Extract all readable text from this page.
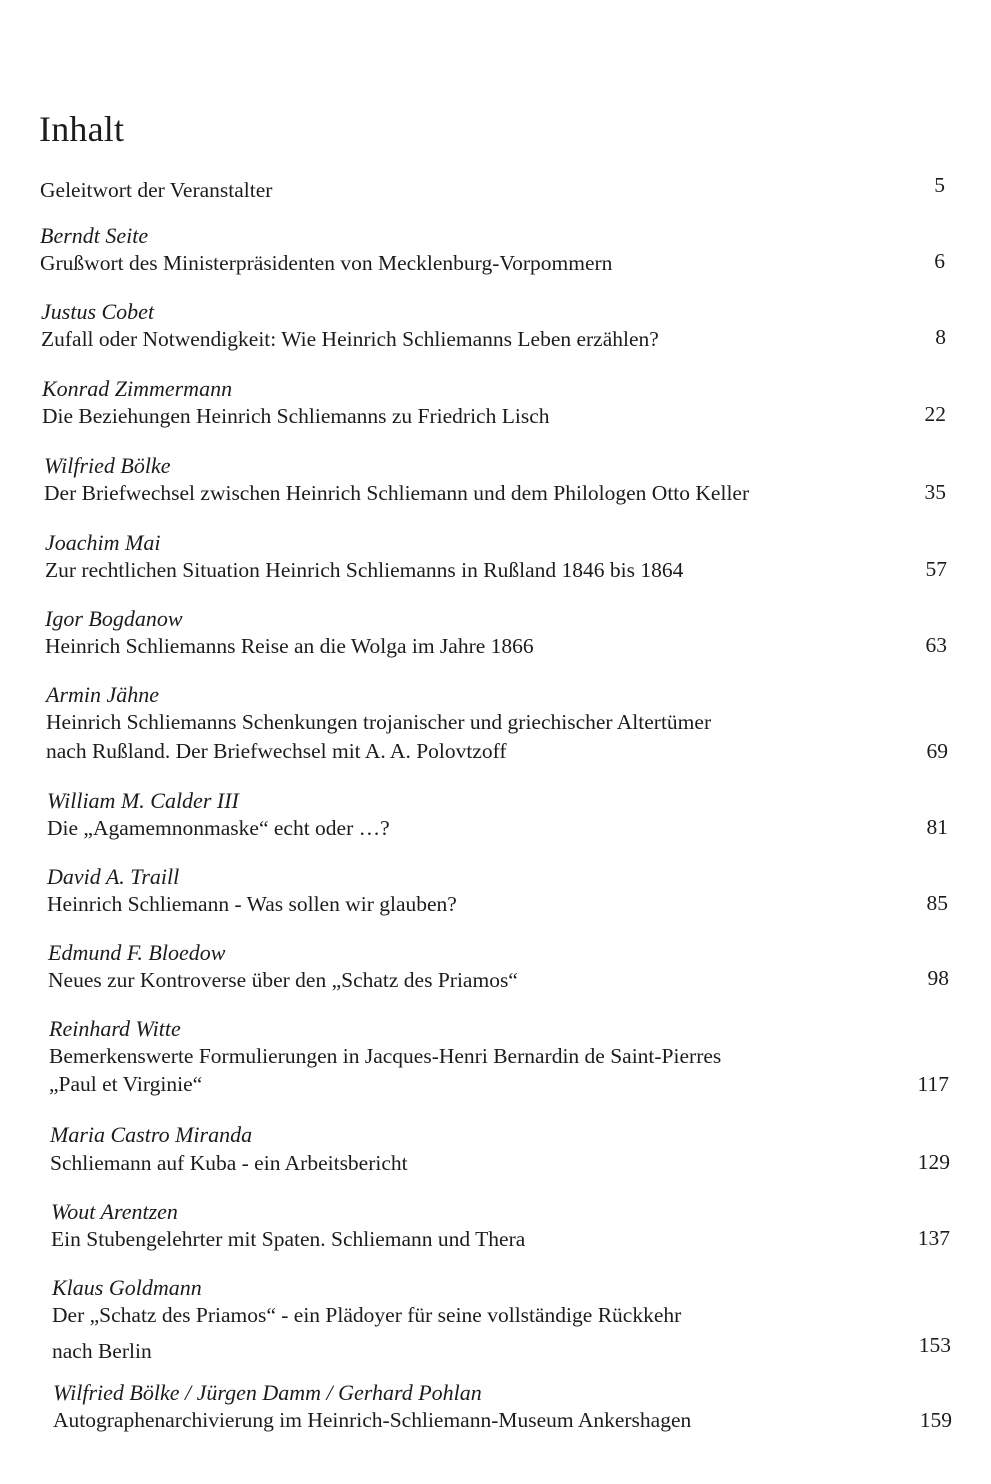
Inhalt
Geleitwort der Veranstalter	5
Berndt Seite
Grußwort des Ministerpräsidenten von Mecklenburg-Vorpommern	6
Justus Cobet
Zufall oder Notwendigkeit: Wie Heinrich Schliemanns Leben erzählen?	8
Konrad Zimmermann
Die Beziehungen Heinrich Schliemanns zu Friedrich Lisch	22
Wilfried Bölke
Der Briefwechsel zwischen Heinrich Schliemann und dem Philologen Otto Keller	35
Joachim Mai
Zur rechtlichen Situation Heinrich Schliemanns in Rußland 1846 bis 1864	57
Igor Bogdanow
Heinrich Schliemanns Reise an die Wolga im Jahre 1866	63
Armin Jähne
Heinrich Schliemanns Schenkungen trojanischer und griechischer Altertümer
nach Rußland. Der Briefwechsel mit A. A. Polovtzoff	69
William M. Calder III
Die „Agamemnonmaske“ echt oder …?	81
David A. Traill
Heinrich Schliemann - Was sollen wir glauben?	85
Edmund F. Bloedow
Neues zur Kontroverse über den „Schatz des Priamos“	98
Reinhard Witte
Bemerkenswerte Formulierungen in Jacques-Henri Bernardin de Saint-Pierres
„Paul et Virginie“	117
Maria Castro Miranda
Schliemann auf Kuba - ein Arbeitsbericht	129
Wout Arentzen
Ein Stubengelehrter mit Spaten. Schliemann und Thera	137
Klaus Goldmann
Der „Schatz des Priamos“ - ein Plädoyer für seine vollständige Rückkehr
nach Berlin	153
Wilfried Bölke / Jürgen Damm / Gerhard Pohlan
Autographenarchivierung im Heinrich-Schliemann-Museum Ankershagen	159
